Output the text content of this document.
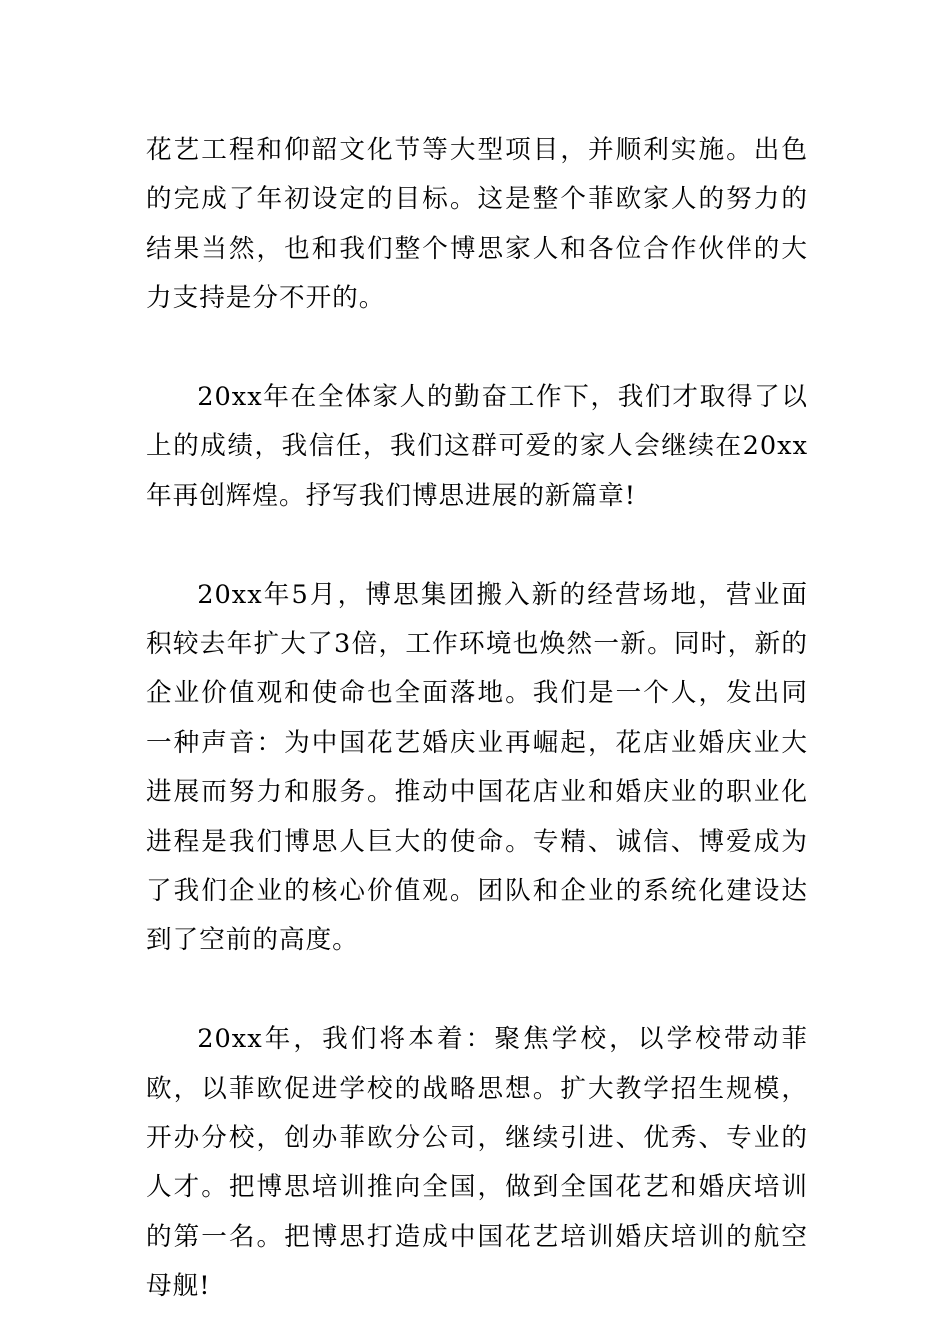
花艺工程和仰韶文化节等大型项目，并顺利实施。出色的完成了年初设定的目标。这是整个菲欧家人的努力的结果当然，也和我们整个博思家人和各位合作伙伴的大力支持是分不开的。

20xx年在全体家人的勤奋工作下，我们才取得了以上的成绩，我信任，我们这群可爱的家人会继续在20xx年再创辉煌。抒写我们博思进展的新篇章!

20xx年5月，博思集团搬入新的经营场地，营业面积较去年扩大了3倍，工作环境也焕然一新。同时，新的企业价值观和使命也全面落地。我们是一个人，发出同一种声音：为中国花艺婚庆业再崛起，花店业婚庆业大进展而努力和服务。推动中国花店业和婚庆业的职业化进程是我们博思人巨大的使命。专精、诚信、博爱成为了我们企业的核心价值观。团队和企业的系统化建设达到了空前的高度。

20xx年，我们将本着：聚焦学校，以学校带动菲欧，以菲欧促进学校的战略思想。扩大教学招生规模，开办分校，创办菲欧分公司，继续引进、优秀、专业的人才。把博思培训推向全国，做到全国花艺和婚庆培训的第一名。把博思打造成中国花艺培训婚庆培训的航空母舰!
